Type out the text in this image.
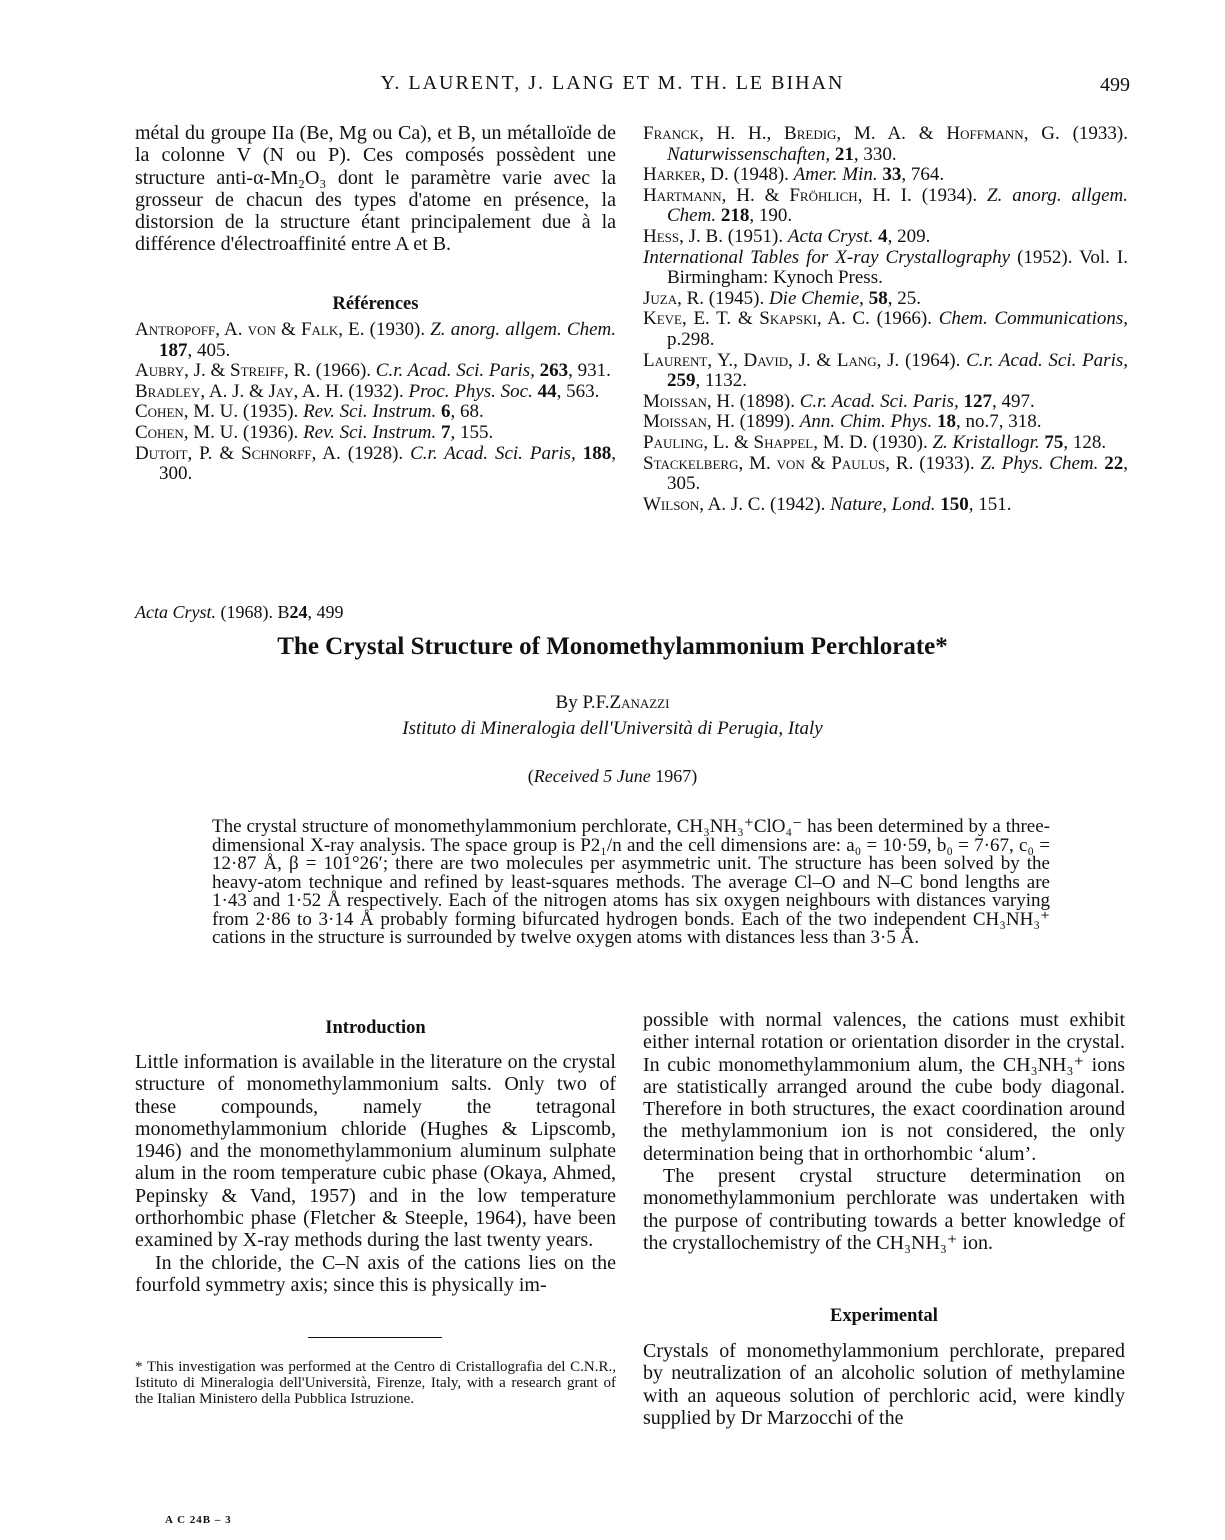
Y. LAURENT, J. LANG ET M. TH. LE BIHAN	499
métal du groupe IIa (Be, Mg ou Ca), et B, un métalloïde de la colonne V (N ou P). Ces composés possèdent une structure anti-α-Mn₂O₃ dont le paramètre varie avec la grosseur de chacun des types d'atome en présence, la distorsion de la structure étant principalement due à la différence d'électroaffinité entre A et B.
Références
Antropoff, A. von & Falk, E. (1930). Z. anorg. allgem. Chem. 187, 405.
Aubry, J. & Streiff, R. (1966). C.r. Acad. Sci. Paris, 263, 931.
Bradley, A. J. & Jay, A. H. (1932). Proc. Phys. Soc. 44, 563.
Cohen, M. U. (1935). Rev. Sci. Instrum. 6, 68.
Cohen, M. U. (1936). Rev. Sci. Instrum. 7, 155.
Dutoit, P. & Schnorff, A. (1928). C.r. Acad. Sci. Paris, 188, 300.
Franck, H. H., Bredig, M. A. & Hoffmann, G. (1933). Naturwissenschaften, 21, 330.
Harker, D. (1948). Amer. Min. 33, 764.
Hartmann, H. & Fröhlich, H. I. (1934). Z. anorg. allgem. Chem. 218, 190.
Hess, J. B. (1951). Acta Cryst. 4, 209.
International Tables for X-ray Crystallography (1952). Vol. I. Birmingham: Kynoch Press.
Juza, R. (1945). Die Chemie, 58, 25.
Keve, E. T. & Skapski, A. C. (1966). Chem. Communications, p.298.
Laurent, Y., David, J. & Lang, J. (1964). C.r. Acad. Sci. Paris, 259, 1132.
Moissan, H. (1898). C.r. Acad. Sci. Paris, 127, 497.
Moissan, H. (1899). Ann. Chim. Phys. 18, no.7, 318.
Pauling, L. & Shappel, M. D. (1930). Z. Kristallogr. 75, 128.
Stackelberg, M. von & Paulus, R. (1933). Z. Phys. Chem. 22, 305.
Wilson, A. J. C. (1942). Nature, Lond. 150, 151.
Acta Cryst. (1968). B24, 499
The Crystal Structure of Monomethylammonium Perchlorate*
By P.F.Zanazzi
Istituto di Mineralogia dell'Università di Perugia, Italy
(Received 5 June 1967)
The crystal structure of monomethylammonium perchlorate, CH₃NH₃⁺ClO₄⁻ has been determined by a three-dimensional X-ray analysis. The space group is P2₁/n and the cell dimensions are: a₀ = 10·59, b₀ = 7·67, c₀ = 12·87 Å, β = 101°26′; there are two molecules per asymmetric unit. The structure has been solved by the heavy-atom technique and refined by least-squares methods. The average Cl–O and N–C bond lengths are 1·43 and 1·52 Å respectively. Each of the nitrogen atoms has six oxygen neighbours with distances varying from 2·86 to 3·14 Å probably forming bifurcated hydrogen bonds. Each of the two independent CH₃NH₃⁺ cations in the structure is surrounded by twelve oxygen atoms with distances less than 3·5 Å.
Introduction

Little information is available in the literature on the crystal structure of monomethylammonium salts. Only two of these compounds, namely the tetragonal monomethylammonium chloride (Hughes & Lipscomb, 1946) and the monomethylammonium aluminum sulphate alum in the room temperature cubic phase (Okaya, Ahmed, Pepinsky & Vand, 1957) and in the low temperature orthorhombic phase (Fletcher & Steeple, 1964), have been examined by X-ray methods during the last twenty years.

In the chloride, the C–N axis of the cations lies on the fourfold symmetry axis; since this is physically im-

* This investigation was performed at the Centro di Cristallografia del C.N.R., Istituto di Mineralogia dell'Università, Firenze, Italy, with a research grant of the Italian Ministero della Pubblica Istruzione.
A C 24B – 3

possible with normal valences, the cations must exhibit either internal rotation or orientation disorder in the crystal. In cubic monomethylammonium alum, the CH₃NH₃⁺ ions are statistically arranged around the cube body diagonal. Therefore in both structures, the exact coordination around the methylammonium ion is not considered, the only determination being that in orthorhombic ‘alum’.

The present crystal structure determination on monomethylammonium perchlorate was undertaken with the purpose of contributing towards a better knowledge of the crystallochemistry of the CH₃NH₃⁺ ion.

Experimental
Crystals of monomethylammonium perchlorate, prepared by neutralization of an alcoholic solution of methylamine with an aqueous solution of perchloric acid, were kindly supplied by Dr Marzocchi of the
